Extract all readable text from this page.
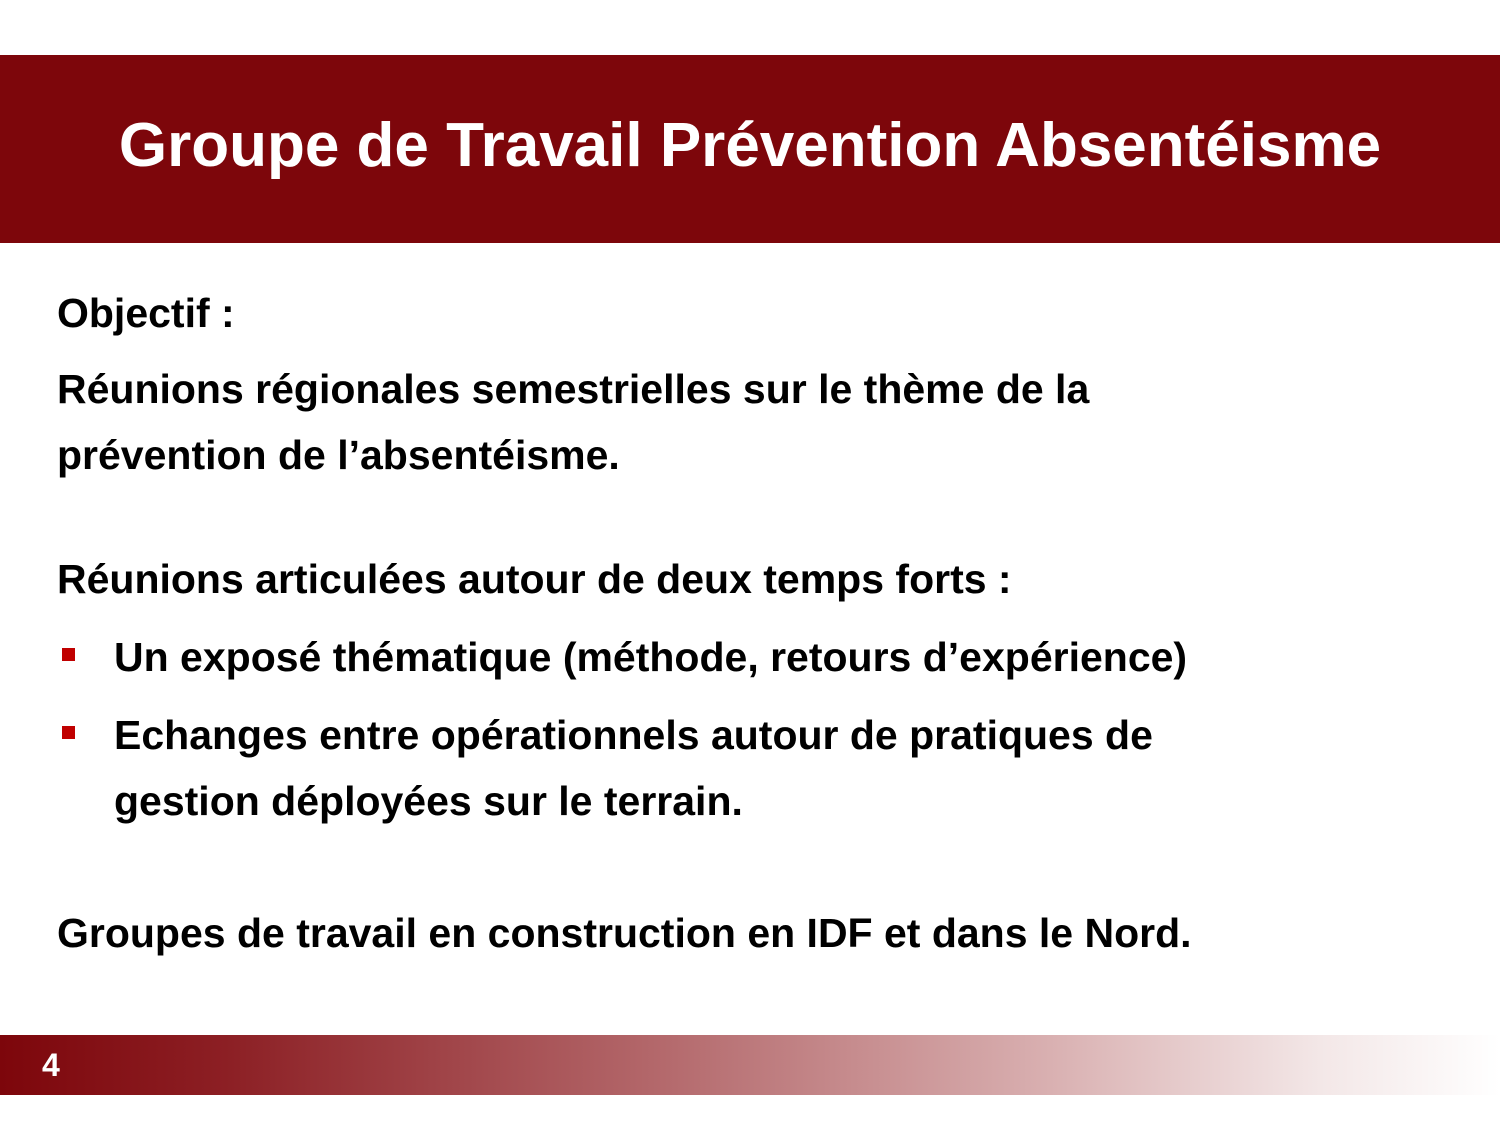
Groupe de Travail Prévention Absentéisme

Objectif :

Réunions régionales semestrielles sur le thème de la

prévention de l’absentéisme.

Réunions articulées autour de deux temps forts :

Un exposé thématique (méthode, retours d’expérience)
Echanges entre opérationnels autour de pratiques de
gestion déployées sur le terrain.

Groupes de travail en construction en IDF et dans le Nord.

4
